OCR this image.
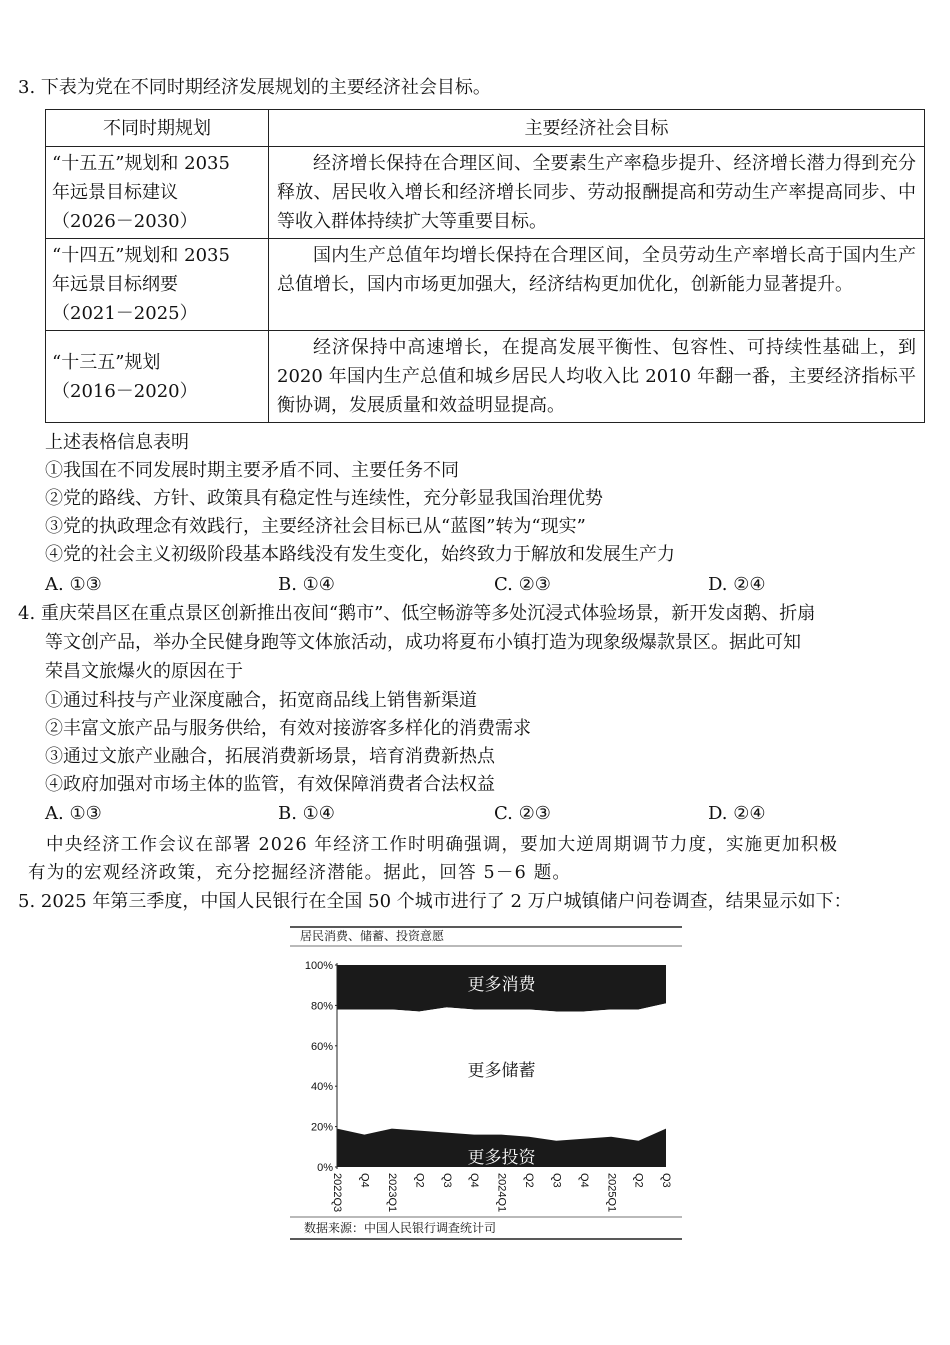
3. 下表为党在不同时期经济发展规划的主要经济社会目标。
不同时期规划	主要经济社会目标

“十五五”规划和 2035
年远景目标建议
（2026－2030）	经济增长保持在合理区间、全要素生产率稳步提升、经济增长潜力得到充分释放、居民收入增长和经济增长同步、劳动报酬提高和劳动生产率提高同步、中等收入群体持续扩大等重要目标。

“十四五”规划和 2035
年远景目标纲要
（2021－2025）	国内生产总值年均增长保持在合理区间，全员劳动生产率增长高于国内生产总值增长，国内市场更加强大，经济结构更加优化，创新能力显著提升。

“十三五”规划
（2016－2020）	经济保持中高速增长，在提高发展平衡性、包容性、可持续性基础上，到 2020 年国内生产总值和城乡居民人均收入比 2010 年翻一番，主要经济指标平衡协调，发展质量和效益明显提高。
上述表格信息表明
①我国在不同发展时期主要矛盾不同、主要任务不同
②党的路线、方针、政策具有稳定性与连续性，充分彰显我国治理优势
③党的执政理念有效践行，主要经济社会目标已从“蓝图”转为“现实”
④党的社会主义初级阶段基本路线没有发生变化，始终致力于解放和发展生产力
A. ①③	B. ①④	C. ②③	D. ②④
4. 重庆荣昌区在重点景区创新推出夜间“鹅市”、低空畅游等多处沉浸式体验场景，新开发卤鹅、折扇
等文创产品，举办全民健身跑等文体旅活动，成功将夏布小镇打造为现象级爆款景区。据此可知
荣昌文旅爆火的原因在于
①通过科技与产业深度融合，拓宽商品线上销售新渠道
②丰富文旅产品与服务供给，有效对接游客多样化的消费需求
③通过文旅产业融合，拓展消费新场景，培育消费新热点
④政府加强对市场主体的监管，有效保障消费者合法权益
A. ①③	B. ①④	C. ②③	D. ②④
中央经济工作会议在部署 2026 年经济工作时明确强调，要加大逆周期调节力度，实施更加积极
有为的宏观经济政策，充分挖掘经济潜能。据此，回答 5－6 题。
5. 2025 年第三季度，中国人民银行在全国 50 个城市进行了 2 万户城镇储户问卷调查，结果显示如下：
居民消费、储蓄、投资意愿
100%
80%
60%
40%
20%
0%
2022Q3 Q4 2023Q1 Q2 Q3 Q4 2024Q1 Q2 Q3 Q4 2025Q1 Q2 Q3
更多消费
更多储蓄
更多投资
数据来源：中国人民银行调查统计司
